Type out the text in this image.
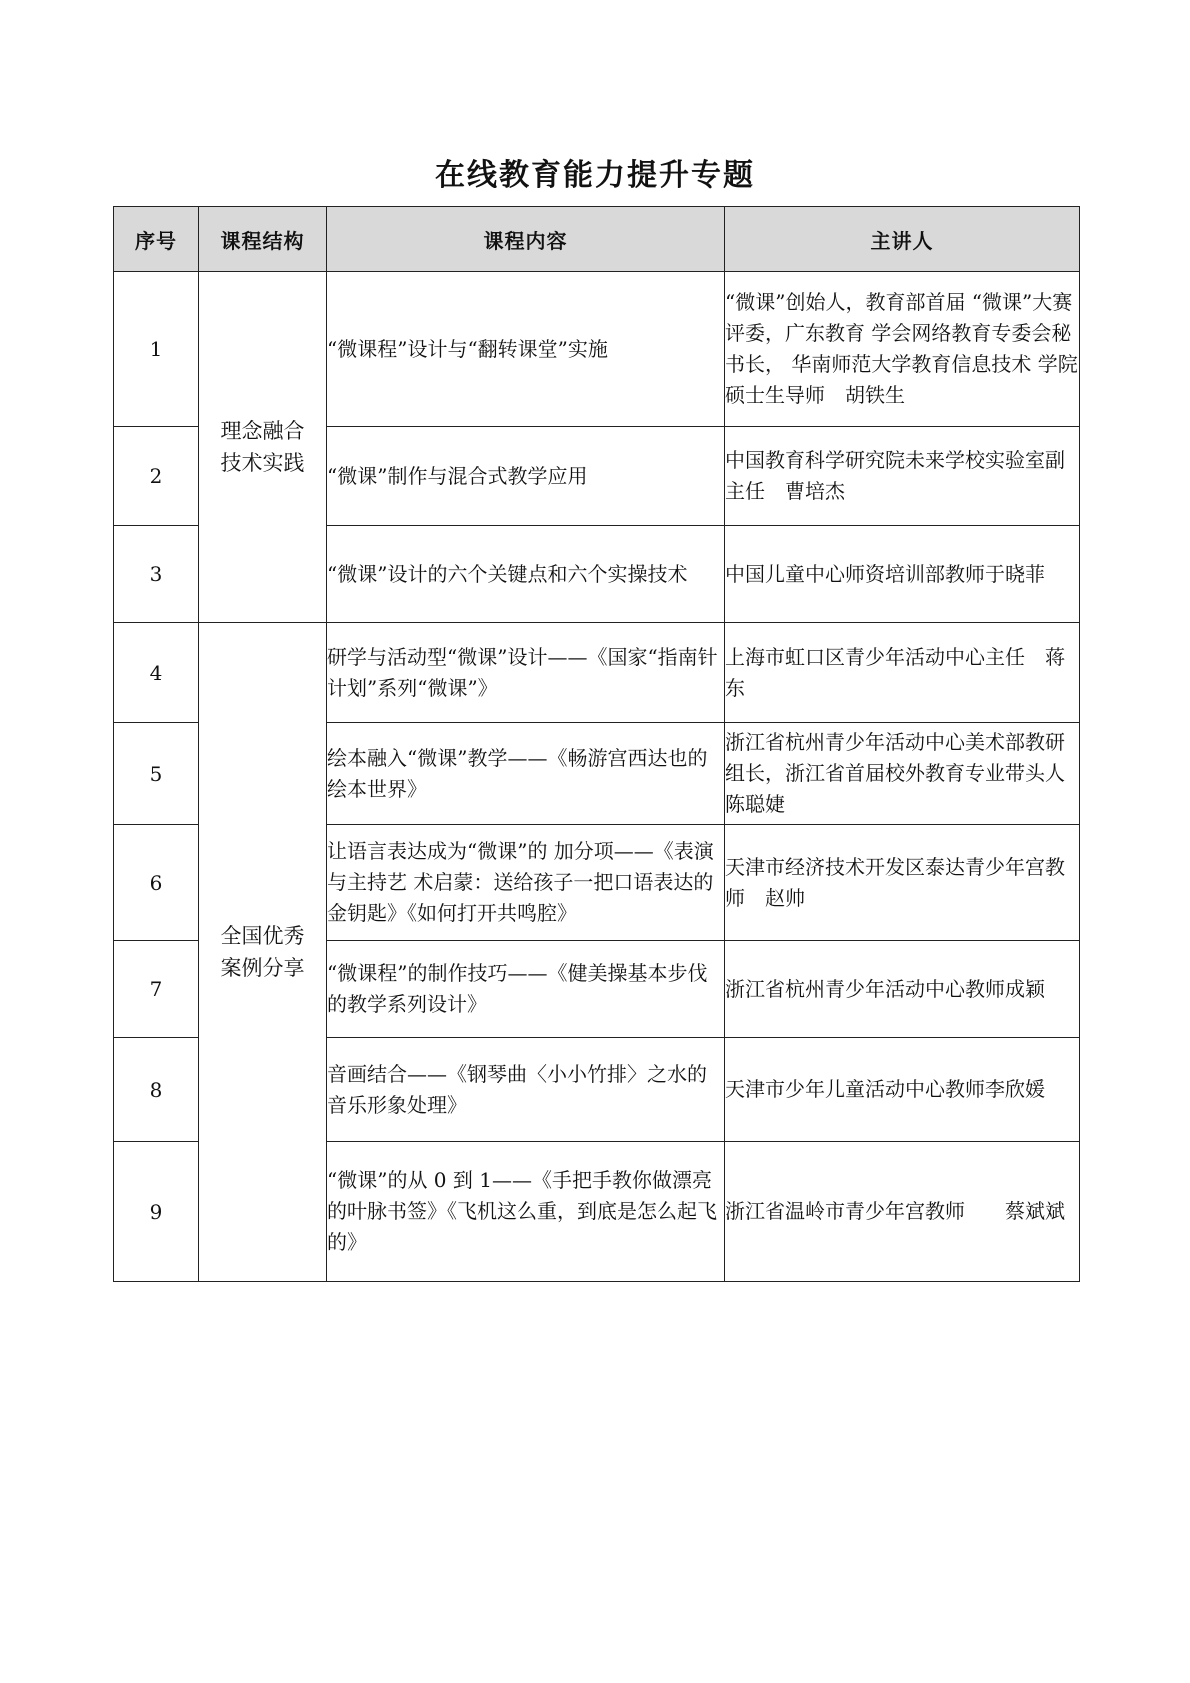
在线教育能力提升专题
序号	课程结构	课程内容	主讲人
1	理念融合技术实践	“微课程”设计与“翻转课堂”实施	“微课”创始人，教育部首届 “微课”大赛评委，广东教育 学会网络教育专委会秘书长， 华南师范大学教育信息技术 学院硕士生导师　胡铁生
2		“微课”制作与混合式教学应用	中国教育科学研究院未来学校实验室副主任　曹培杰
3		“微课”设计的六个关键点和六个实操技术	中国儿童中心师资培训部教师于晓菲
4	全国优秀案例分享	研学与活动型“微课”设计——《国家“指南针计划”系列“微课”》	上海市虹口区青少年活动中心主任　蒋东
5		绘本融入“微课”教学——《畅游宫西达也的绘本世界》	浙江省杭州青少年活动中心美术部教研组长，浙江省首届校外教育专业带头人　陈聪婕
6		让语言表达成为“微课”的 加分项——《表演与主持艺 术启蒙：送给孩子一把口语表达的金钥匙》《如何打开共鸣腔》	天津市经济技术开发区泰达青少年宫教师　赵帅
7		“微课程”的制作技巧——《健美操基本步伐的教学系列设计》	浙江省杭州青少年活动中心教师成颖
8		音画结合——《钢琴曲〈小小竹排〉之水的音乐形象处理》	天津市少年儿童活动中心教师李欣媛
9		“微课”的从 0 到 1——《手把手教你做漂亮的叶脉书签》《飞机这么重，到底是怎么起飞的》	浙江省温岭市青少年宫教师　　蔡斌斌
